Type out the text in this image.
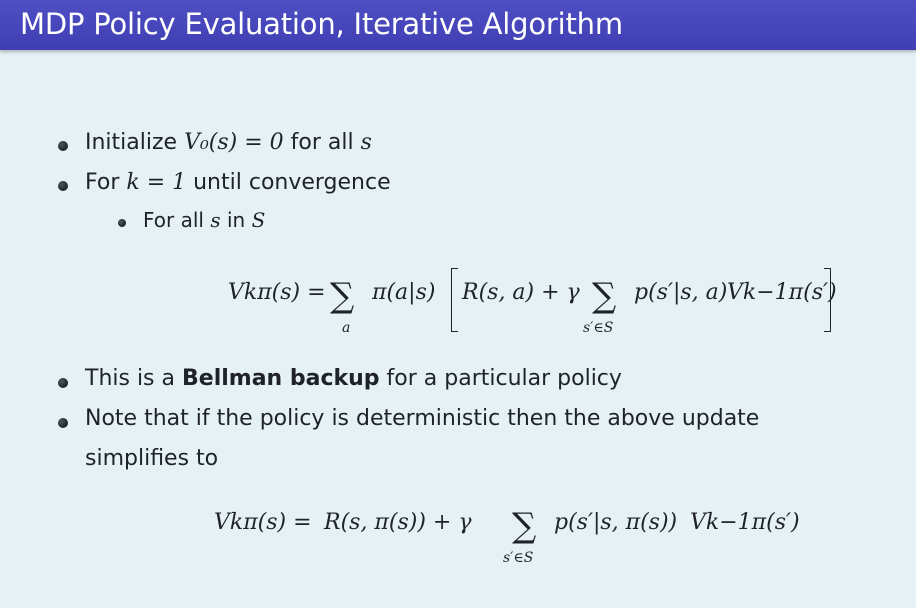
MDP Policy Evaluation, Iterative Algorithm
Initialize V₀(s) = 0 for all s
For k = 1 until convergence
For all s in S
Vkπ(s) = ∑
a
π(a|s) R(s, a) + γ ∑
s′∈S
p(s′|s, a) Vk−1π(s′)
This is a Bellman backup for a particular policy
Note that if the policy is deterministic then the above update
simplifies to
Vkπ(s) = R(s, π(s)) + γ ∑
s′∈S
p(s′|s, π(s)) Vk−1π(s′)
